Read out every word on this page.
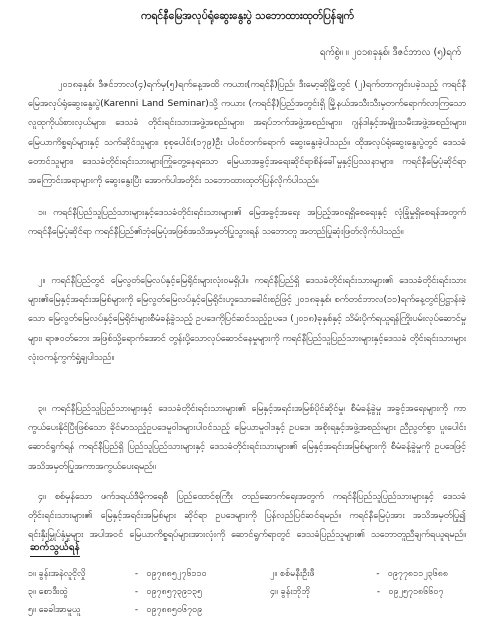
ကရင်နီမြေအလုပ်ရုံဆွေးနွေးပွဲ သဘောထားထုတ်ပြန်ချက်
ရက်စွဲ။ ။ ၂၀၁၈ခုနှစ်၊ ဒီဇင်ဘာလ (၅)ရက်

၂၀၁၈ခုနှစ်၊ ဒီဇင်ဘာလ(၄)ရက်မှ(၅)ရက်နေ့အထိ ကယား(ကရင်နီ)ပြည်၊ ဒီးမော့ဆိုမြို့တွင် (၂)ရက်တာကျင်းပခဲ့သည့် ကရင်နီမြေအလုပ်ရုံဆွေးနွေးပွဲ(Karenni Land Seminar)သို့ ကယား (ကရင်နီ)ပြည်အတွင်းရှိ မြို့နယ်အသီးသီးမှတက်ရောက်လာကြသော လူထုကိုယ်စားလှယ်များ၊ ဒေသခံ တိုင်းရင်းသားအဖွဲ့အစည်းများ၊ အရပ်ဘက်အဖွဲ့အစည်းများ၊ ဂျန်ဒါနှင့်အမျိုးသမီးအဖွဲ့အစည်းများ၊ မြေယာကိစ္စရပ်များနှင့် သက်ဆိုင်သူများ၊ စုစုပေါင်း(၁၇၉)ဦး ပါဝင်တက်ရောက် ဆွေးနွေးခဲ့ပါသည်။ ထိုအလုပ်ရုံဆွေးနွေးပွဲတွင် ဒေသခံတောင်သူများ၊ ဒေသခံတိုင်းရင်းသားများကြုံတွေ့နေရသော မြေယာအခွင့်အရေးဆိုင်ရာစိန်ခေါ်မှုနှင့်ပြဿနာများ၊ ကရင်နီမြေပုံဆိုင်ရာအကြောင်းအရာများကို ဆွေးနွေးပြီး အောက်ပါအတိုင်း သဘောထားထုတ်ပြန်လိုက်ပါသည်။

၁။ ကရင်နီပြည်သူပြည်သားများနှင့်ဒေသခံတိုင်းရင်းသားများ၏ မြေအခွင့်အရေး အပြည့်အဝရရှိစေရေးနှင့် လုံခြုံမှုရှိစေရန်အတွက် ကရင်နီမြေပုံဆိုင်ရာ ကရင်နီပြည်၏ဘုံမြေပုံအဖြစ်အသိအမှတ်ပြုသွားရန် သဘောတူ အတည်ပြုဆုံးဖြတ်လိုက်ပါသည်။

၂။ ကရင်နီပြည်တွင် မြေလွတ်မြေလပ်နှင့်မြေရိုင်းများလုံး၀မရှိပါ။ ကရင်နီပြည်ရှိ ဒေသခံတိုင်းရင်းသားများ၏ ဒေသခံတိုင်းရင်းသားများ၏မြေနှင့်အရင်းအမြစ်များကို မြေလွတ်မြေလပ်နှင့်မြေရိုင်းဟူသောခေါင်းစဉ်ဖြင့် ၂၀၁၈ခုနှစ်၊ စက်တင်ဘာလ(၁၁)ရက်နေ့တွင်ပြဋ္ဌာန်းခဲ့သော မြေလွတ်မြေလပ်နှင့်မြေရိုင်းများစီမံခန့်ခွဲသည့် ဥပဒေကိုပြင်ဆင်သည့်ဥပဒေ (၂၀၁၈)ခုနှစ်နှင့် သိမ်းပိုက်ရယူရန်ကြိုးပမ်းလုပ်ဆောင်မှုများ၊ ရာဇဝတ်ဘေး အဖြစ်သို့ရောက်အောင် တွန်းပို့သောလုပ်ဆောင်နေမှုများကို ကရင်နီပြည်သူပြည်သားများနှင့်ဒေသခံ တိုင်းရင်းသားများ လုံးဝကန့်ကွက်ရှုံ့ချပါသည်။

၃။ ကရင်နီပြည်သူပြည်သားများနှင့် ဒေသခံတိုင်းရင်းသားများ၏ မြေနှင့်အရင်းအမြစ်ပိုင်ဆိုင်မှု၊ စီမံခန့်ခွဲမှု အခွင့်အရေးများကို ကာကွယ်ပေးနိုင်ပြီးဖြစ်သော ခိုင်မာသည့်ဥပဒေမူဝါဒများပါဝင်သည့် မြေယာမူဝါဒနှင့် ဥပဒေ၊ အစိုးရနှင့်အဖွဲ့အစည်းများ ညီညွတ်စွာ ပူးပေါင်းဆောင်ရွက်ရန် ကရင်နီပြည်ရှိ ပြည်သူပြည်သားများနှင့် ဒေသခံတိုင်းရင်းသားများ၏ မြေနှင့်အရင်းအမြစ်များကို စီမံခန့်ခွဲမှုကို ဥပဒေဖြင့် အသိအမှတ်ပြုအကာအကွယ်ပေးရမည်။

၄။ စစ်မှန်သော ဖက်ဒရယ်ဒီမိုကရေစီ ပြည်ထောင်စုကြီး တည်ဆောက်ရေးအတွက် ကရင်နီပြည်သူပြည်သားများနှင့် ဒေသခံတိုင်းရင်းသားများ၏ မြေနှင့်အရင်းအမြစ်များ ဆိုင်ရာ ဥပဒေများကို ပြန်လည်ပြင်ဆင်ရမည်။ ကရင်နီမြေပုံအား အသိအမှတ်ပြု၍ ရင်းနှီးမြှုပ်နှံမှုများ အပါအဝင် မြေယာကိစ္စရပ်များအားလုံးကို ဆောင်ရွက်ရာတွင် ဒေသခံပြည်သူများ၏ သဘောတူညီချက်ရယူရမည်။

ဆက်သွယ်ရန်
၁။ ခွန်းအနဲလူငိုလှို	- ၀၉၇၈၈၅၂၇၆၁၁၀	၂။ စစ်မနီးဦးဖီ	- ၀၉၇၇၈၁၁၂၃၆၈၈
၃။ စောဒီးထွဲ	- ၀၉၇၈၅၇၃၉၁၃၅	၄။ ခွန်းဘိုဘို	- ၀၉၂၅၇၁၈၆၆၀၇
၅။ ခေခါအာမူယူ	- ၀၉၇၈၈၅၀၆၇၀၉
